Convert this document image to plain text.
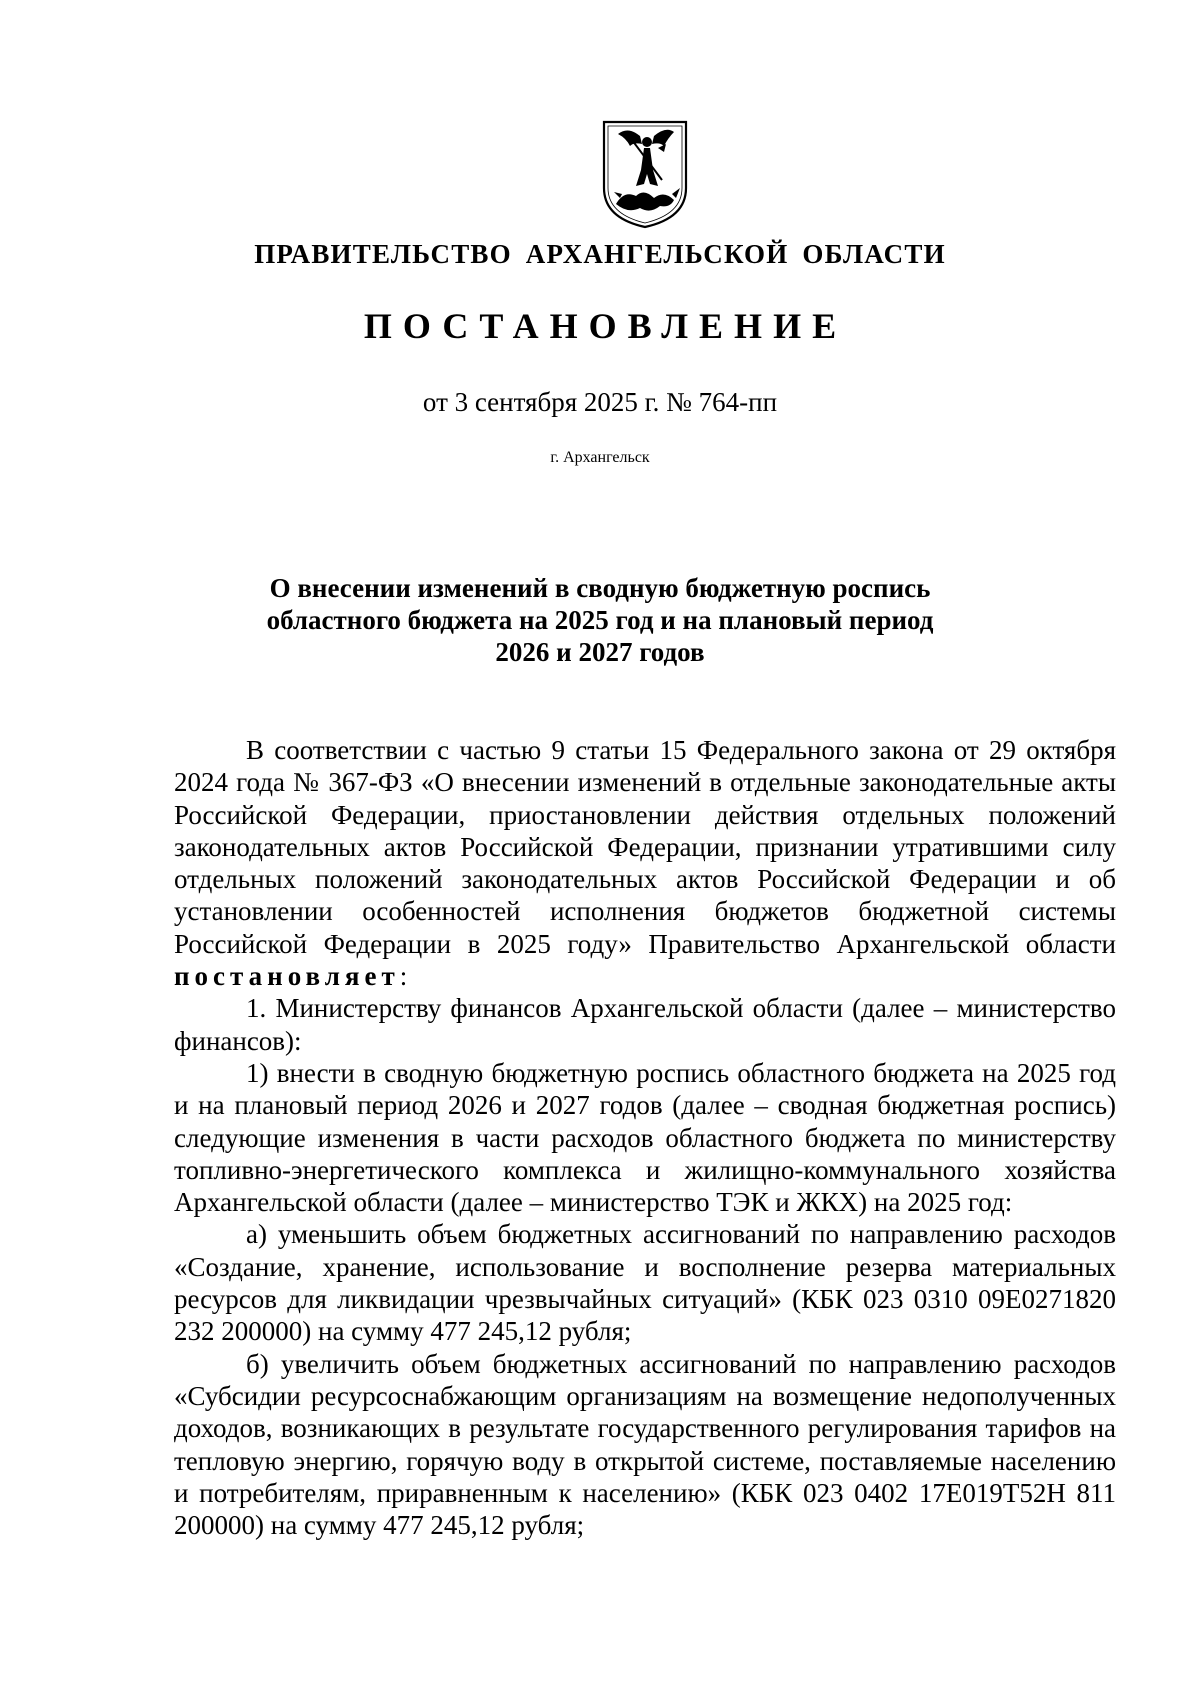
ПРАВИТЕЛЬСТВО АРХАНГЕЛЬСКОЙ ОБЛАСТИ
ПОСТАНОВЛЕНИЕ
от 3 сентября 2025 г. № 764-пп
г. Архангельск
О внесении изменений в сводную бюджетную роспись
областного бюджета на 2025 год и на плановый период
2026 и 2027 годов

В соответствии с частью 9 статьи 15 Федерального закона от 29 октября 2024 года № 367-ФЗ «О внесении изменений в отдельные законодательные акты Российской Федерации, приостановлении действия отдельных положений законодательных актов Российской Федерации, признании утратившими силу отдельных положений законодательных актов Российской Федерации и об установлении особенностей исполнения бюджетов бюджетной системы Российской Федерации в 2025 году» Правительство Архангельской области постановляет:

1. Министерству финансов Архангельской области (далее – министерство финансов):

1) внести в сводную бюджетную роспись областного бюджета на 2025 год и на плановый период 2026 и 2027 годов (далее – сводная бюджетная роспись) следующие изменения в части расходов областного бюджета по министерству топливно-энергетического комплекса и жилищно-коммунального хозяйства Архангельской области (далее – министерство ТЭК и ЖКХ) на 2025 год:

а) уменьшить объем бюджетных ассигнований по направлению расходов «Создание, хранение, использование и восполнение резерва материальных ресурсов для ликвидации чрезвычайных ситуаций» (КБК 023 0310 09Е0271820 232 200000) на сумму 477 245,12 рубля;

б) увеличить объем бюджетных ассигнований по направлению расходов «Субсидии ресурсоснабжающим организациям на возмещение недополученных доходов, возникающих в результате государственного регулирования тарифов на тепловую энергию, горячую воду в открытой системе, поставляемые населению и потребителям, приравненным к населению» (КБК 023 0402 17Е019Т52Н 811 200000) на сумму 477 245,12 рубля;
